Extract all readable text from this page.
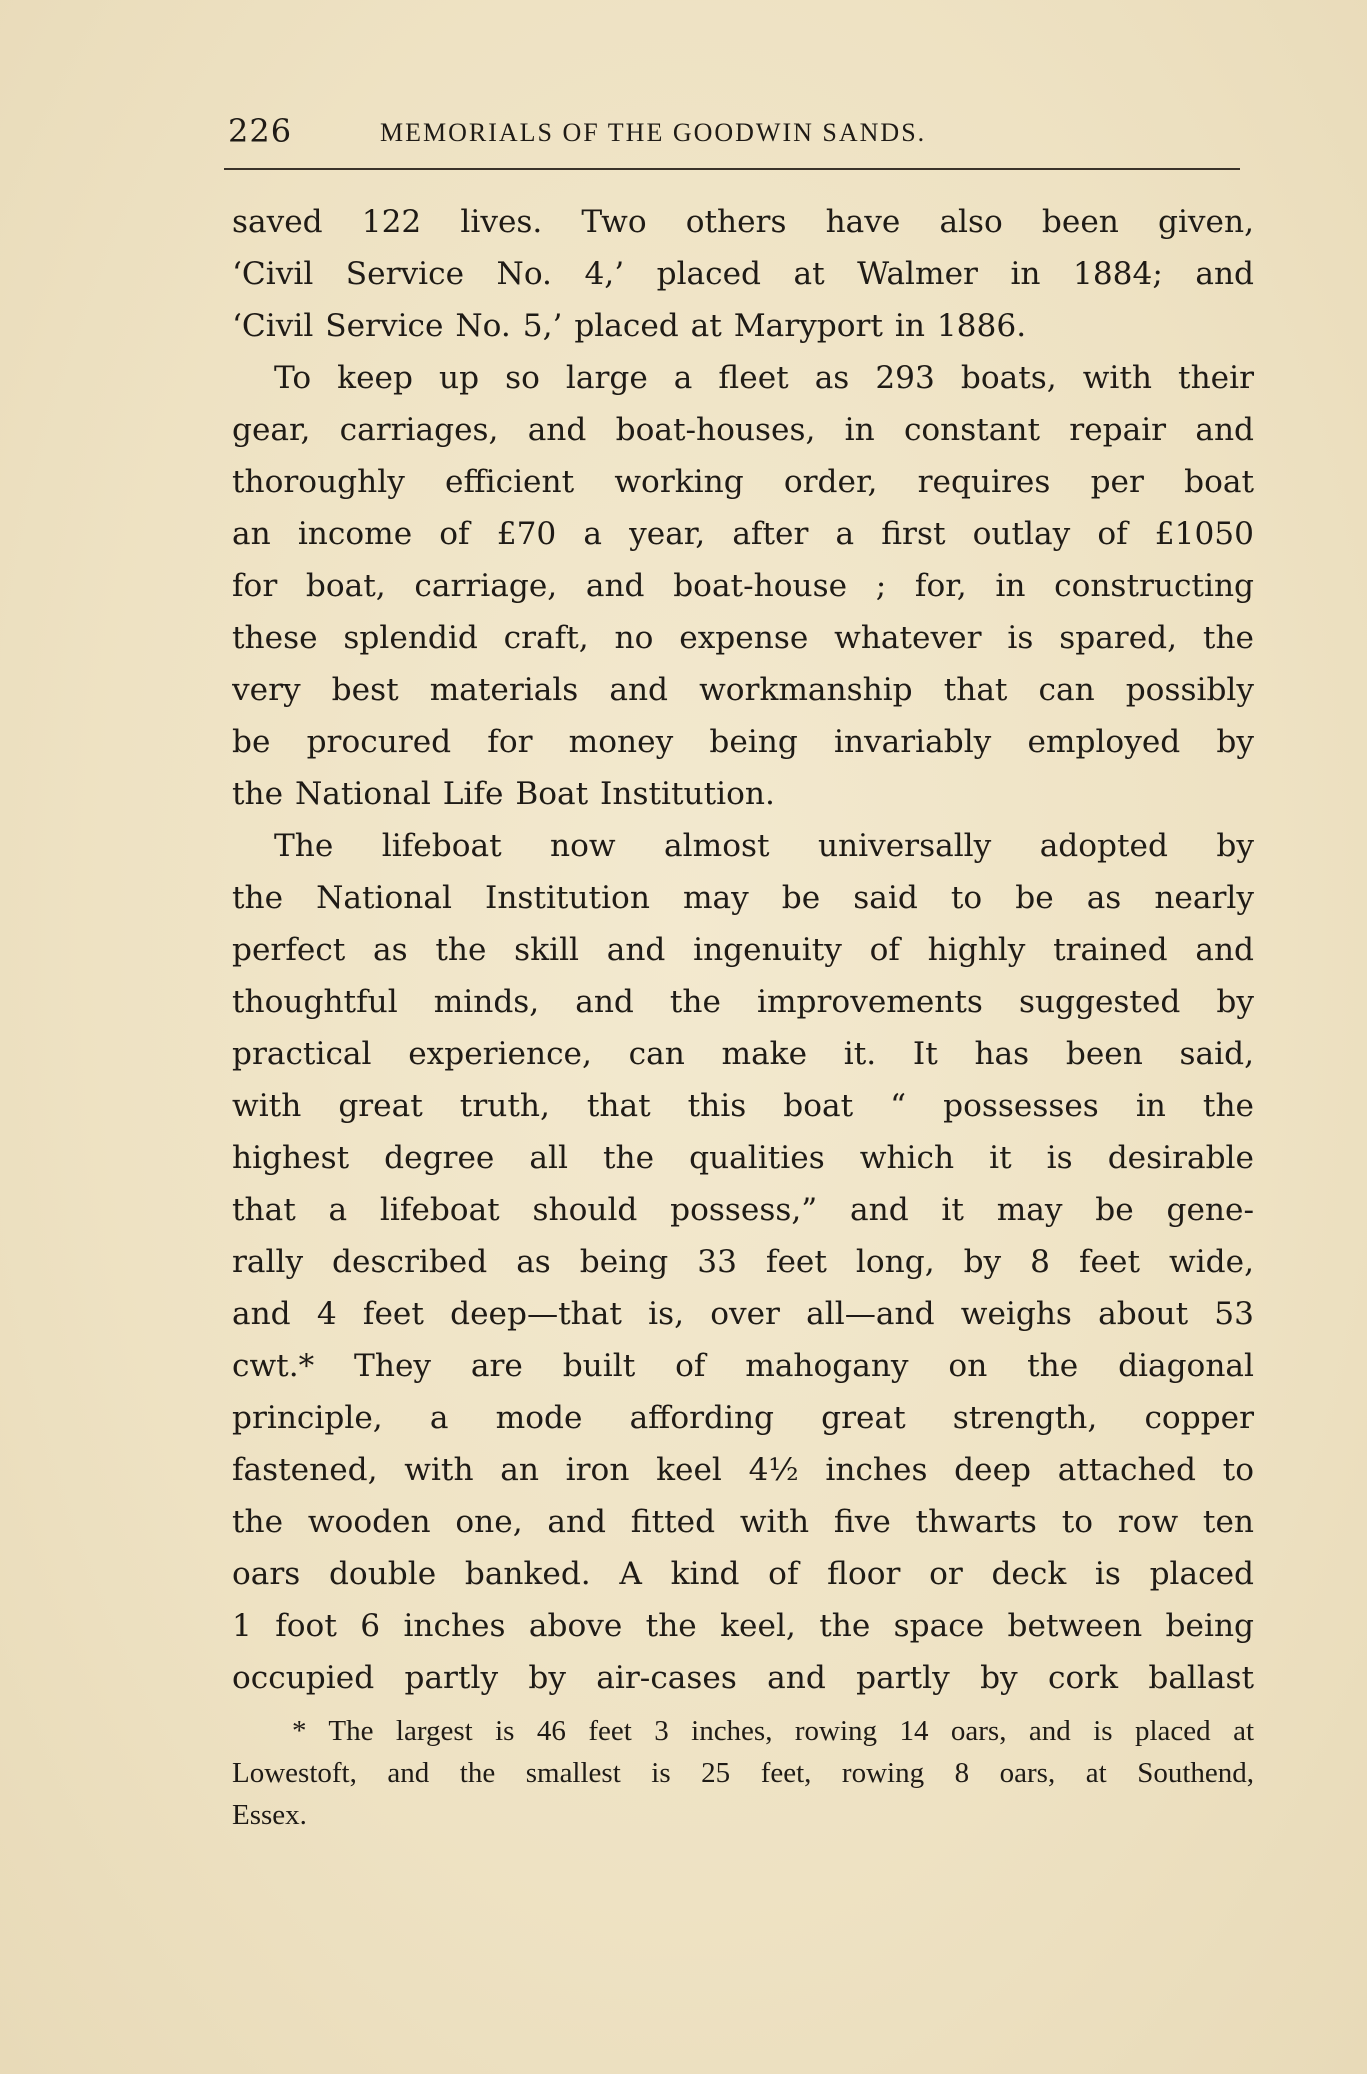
226	MEMORIALS OF THE GOODWIN SANDS.
saved 122 lives. Two others have also been given,
‘Civil Service No. 4,’ placed at Walmer in 1884; and
‘Civil Service No. 5,’ placed at Maryport in 1886.
To keep up so large a fleet as 293 boats, with their
gear, carriages, and boat-houses, in constant repair and
thoroughly efficient working order, requires per boat
an income of £70 a year, after a first outlay of £1050
for boat, carriage, and boat-house ; for, in constructing
these splendid craft, no expense whatever is spared, the
very best materials and workmanship that can possibly
be procured for money being invariably employed by
the National Life Boat Institution.
The lifeboat now almost universally adopted by
the National Institution may be said to be as nearly
perfect as the skill and ingenuity of highly trained and
thoughtful minds, and the improvements suggested by
practical experience, can make it. It has been said,
with great truth, that this boat “ possesses in the
highest degree all the qualities which it is desirable
that a lifeboat should possess,” and it may be gene-
rally described as being 33 feet long, by 8 feet wide,
and 4 feet deep—that is, over all—and weighs about 53
cwt.* They are built of mahogany on the diagonal
principle, a mode affording great strength, copper
fastened, with an iron keel 4½ inches deep attached to
the wooden one, and fitted with five thwarts to row ten
oars double banked. A kind of floor or deck is placed
1 foot 6 inches above the keel, the space between being
occupied partly by air-cases and partly by cork ballast
* The largest is 46 feet 3 inches, rowing 14 oars, and is placed at
Lowestoft, and the smallest is 25 feet, rowing 8 oars, at Southend,
Essex.
